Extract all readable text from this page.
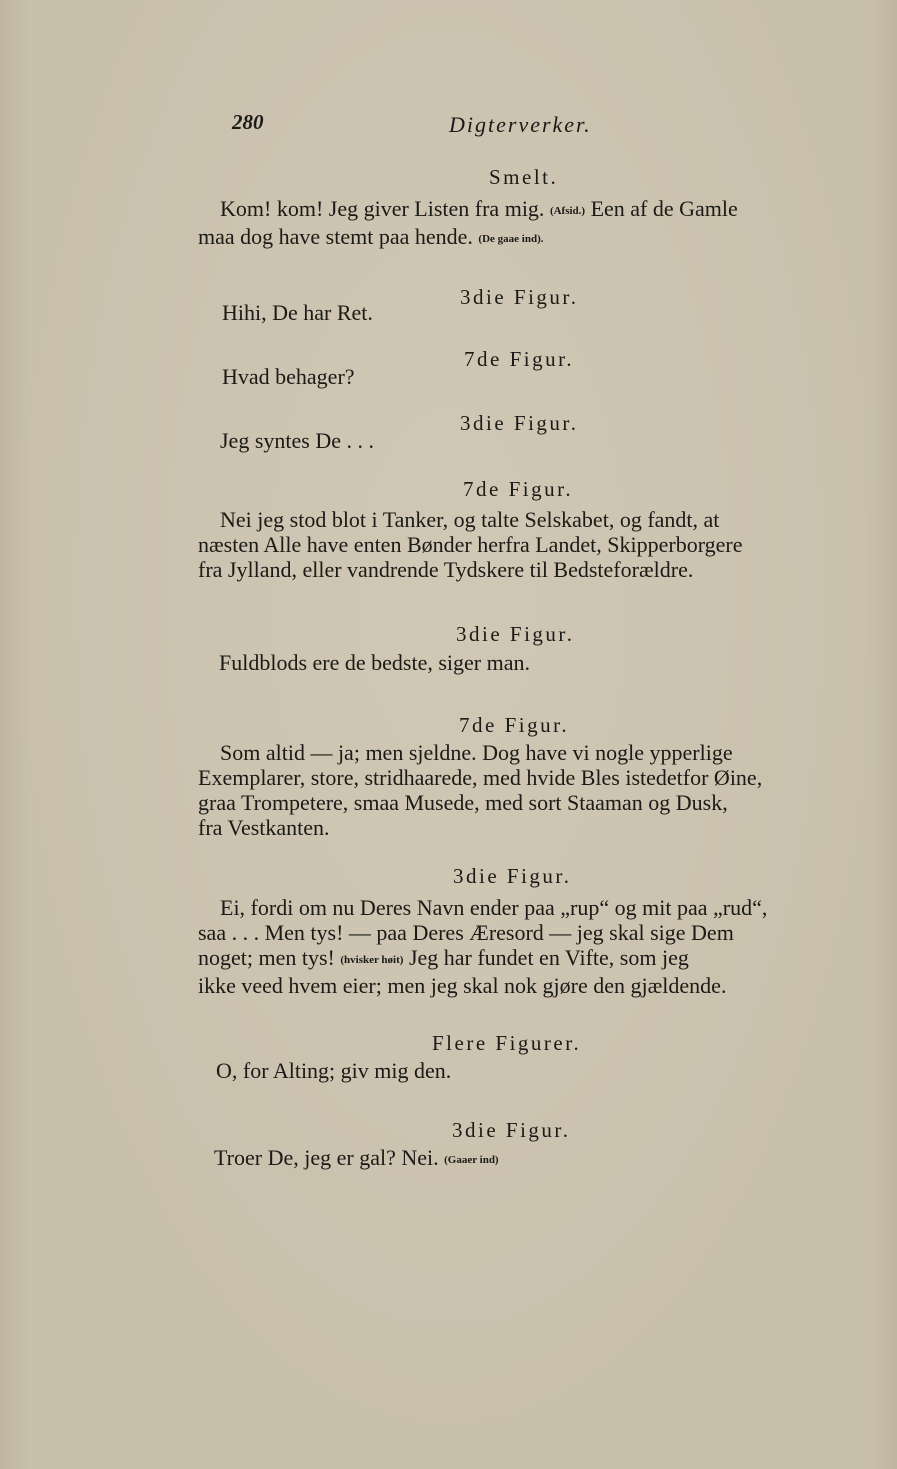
280	Digterverker.
Smelt.
Kom! kom! Jeg giver Listen fra mig. (Afsid.) Een af de Gamle
maa dog have stemt paa hende. (De gaae ind).
3die Figur.
Hihi, De har Ret.
7de Figur.
Hvad behager?
3die Figur.
Jeg syntes De . . .
7de Figur.
Nei jeg stod blot i Tanker, og talte Selskabet, og fandt, at
næsten Alle have enten Bønder herfra Landet, Skipperborgere
fra Jylland, eller vandrende Tydskere til Bedsteforældre.
3die Figur.
Fuldblods ere de bedste, siger man.
7de Figur.
Som altid — ja; men sjeldne. Dog have vi nogle ypperlige
Exemplarer, store, stridhaarede, med hvide Bles istedetfor Øine,
graa Trompetere, smaa Musede, med sort Staaman og Dusk,
fra Vestkanten.
3die Figur.
Ei, fordi om nu Deres Navn ender paa „rup“ og mit paa „rud“,
saa . . . Men tys! — paa Deres Æresord — jeg skal sige Dem
noget; men tys! (hvisker høit) Jeg har fundet en Vifte, som jeg
ikke veed hvem eier; men jeg skal nok gjøre den gjældende.
Flere Figurer.
O, for Alting; giv mig den.
3die Figur.
Troer De, jeg er gal? Nei. (Gaaer ind)
